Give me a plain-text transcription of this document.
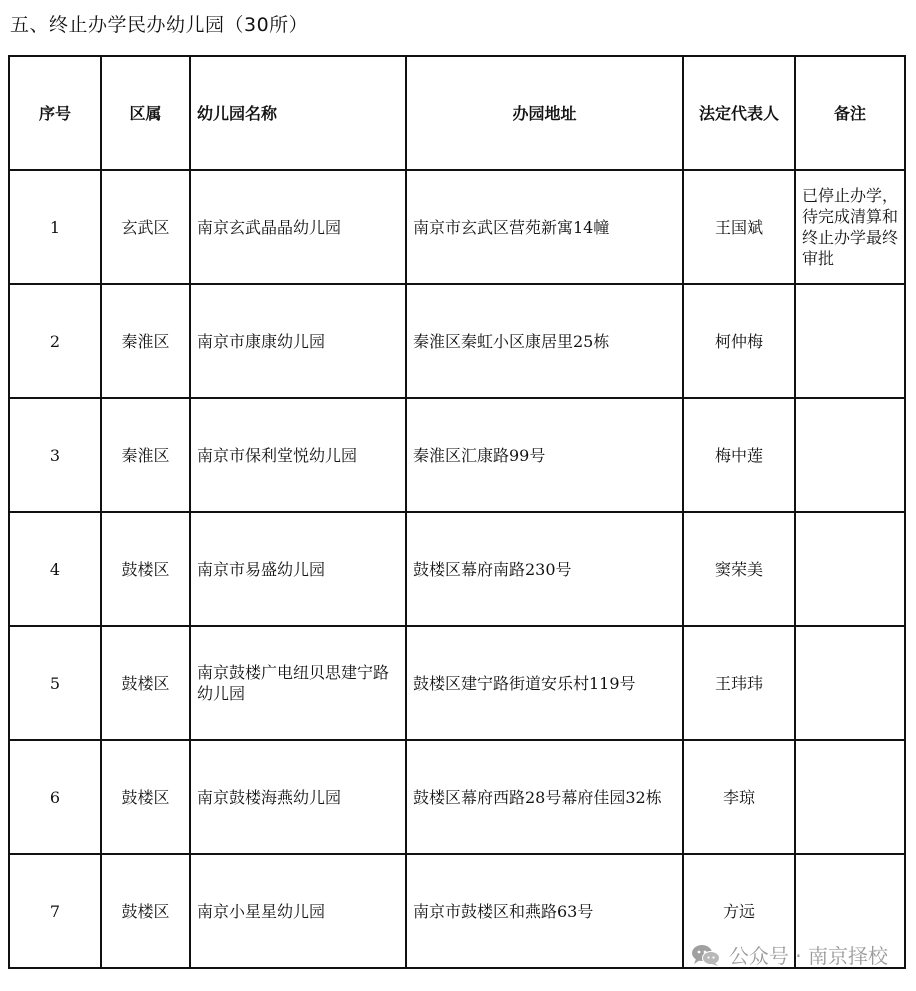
五、终止办学民办幼儿园（30所）
序号	区属	幼儿园名称	办园地址	法定代表人	备注
1	玄武区	南京玄武晶晶幼儿园	南京市玄武区营苑新寓14幢	王国斌	已停止办学，待完成清算和终止办学最终审批
2	秦淮区	南京市康康幼儿园	秦淮区秦虹小区康居里25栋	柯仲梅	
3	秦淮区	南京市保利堂悦幼儿园	秦淮区汇康路99号	梅中莲	
4	鼓楼区	南京市易盛幼儿园	鼓楼区幕府南路230号	窦荣美	
5	鼓楼区	南京鼓楼广电纽贝思建宁路幼儿园	鼓楼区建宁路街道安乐村119号	王玮玮	
6	鼓楼区	南京鼓楼海燕幼儿园	鼓楼区幕府西路28号幕府佳园32栋	李琼	
7	鼓楼区	南京小星星幼儿园	南京市鼓楼区和燕路63号	方远	
公众号 · 南京择校
